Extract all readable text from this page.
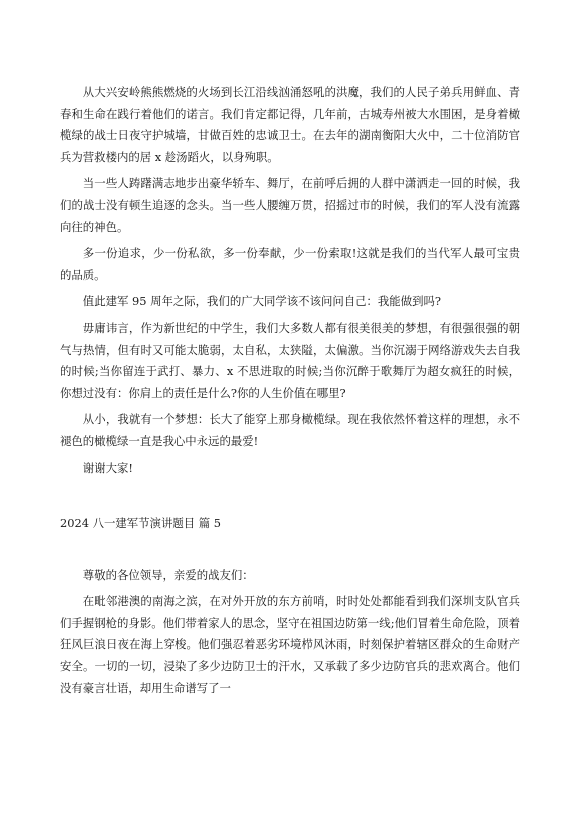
从大兴安岭熊熊燃烧的火场到长江沿线汹涌怒吼的洪魔，我们的人民子弟兵用鲜血、青春和生命在践行着他们的诺言。我们肯定都记得，几年前，古城寿州被大水围困，是身着橄榄绿的战士日夜守护城墙，甘做百姓的忠诚卫士。在去年的湖南衡阳大火中，二十位消防官兵为营救楼内的居 x 趁汤蹈火，以身殉职。

当一些人踌躇满志地步出豪华轿车、舞厅，在前呼后拥的人群中潇洒走一回的时候，我们的战士没有顿生追逐的念头。当一些人腰缠万贯，招摇过市的时候，我们的军人没有流露向往的神色。

多一份追求，少一份私欲，多一份奉献，少一份索取!这就是我们的当代军人最可宝贵的品质。

值此建军 95 周年之际，我们的广大同学该不该问问自己：我能做到吗?

毋庸讳言，作为新世纪的中学生，我们大多数人都有很美很美的梦想，有很强很强的朝气与热情，但有时又可能太脆弱，太自私，太狭隘，太偏激。当你沉溺于网络游戏失去自我的时候;当你留连于武打、暴力、x 不思进取的时候;当你沉醉于歌舞厅为超女疯狂的时候，你想过没有：你肩上的责任是什么?你的人生价值在哪里?

从小，我就有一个梦想：长大了能穿上那身橄榄绿。现在我依然怀着这样的理想，永不褪色的橄榄绿一直是我心中永远的最爱!

谢谢大家!

2024 八一建军节演讲题目 篇 5

尊敬的各位领导，亲爱的战友们：

在毗邻港澳的南海之滨，在对外开放的东方前哨，时时处处都能看到我们深圳支队官兵们手握钢枪的身影。他们带着家人的思念，坚守在祖国边防第一线;他们冒着生命危险，顶着狂风巨浪日夜在海上穿梭。他们强忍着恶劣环境栉风沐雨，时刻保护着辖区群众的生命财产安全。一切的一切，浸染了多少边防卫士的汗水，又承载了多少边防官兵的悲欢离合。他们没有豪言壮语，却用生命谱写了一
